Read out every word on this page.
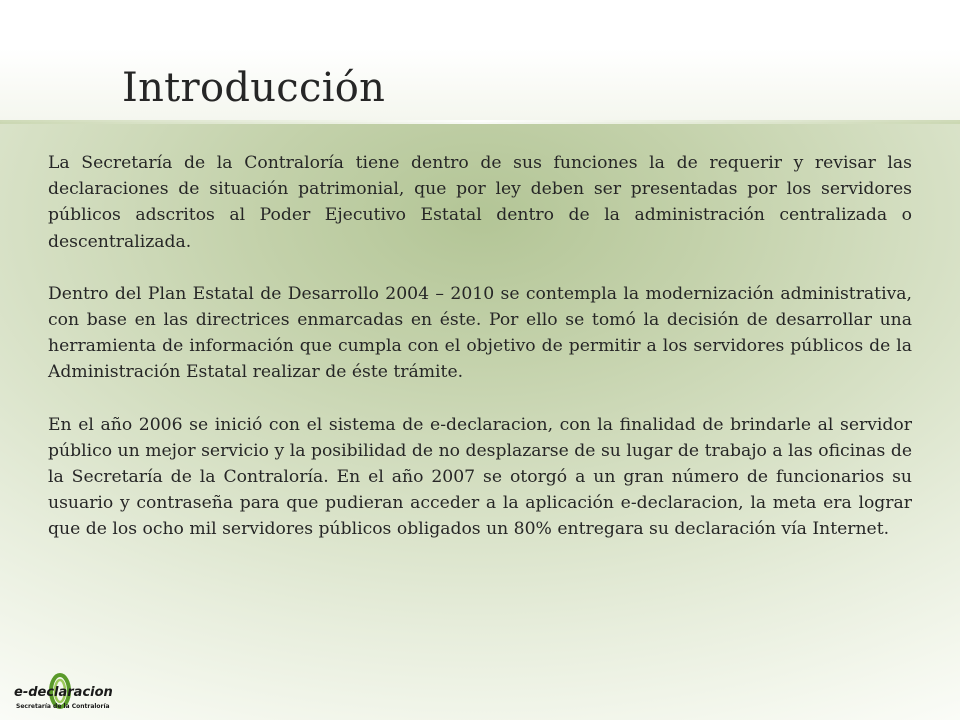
Introducción

La Secretaría de la Contraloría tiene dentro de sus funciones la de requerir y revisar las declaraciones de situación patrimonial, que por ley deben ser presentadas por los servidores públicos adscritos al Poder Ejecutivo Estatal dentro de la administración centralizada o descentralizada.

Dentro del Plan Estatal de Desarrollo 2004 – 2010 se contempla la modernización administrativa, con base en las directrices enmarcadas en éste. Por ello se tomó la decisión de desarrollar una herramienta de información que cumpla con el objetivo de permitir a los servidores públicos de la Administración Estatal realizar de éste trámite.

En el año 2006 se inició con el sistema de e-declaracion, con la finalidad de brindarle al servidor público un mejor servicio y la posibilidad de no desplazarse de su lugar de trabajo a las oficinas de la Secretaría de la Contraloría. En el año 2007 se otorgó a un gran número de funcionarios su usuario y contraseña para que pudieran acceder a la aplicación e-declaracion, la meta era lograr que de los ocho mil servidores públicos obligados un 80% entregara su declaración vía Internet.

e-declaracion
Secretaría de la Contraloría
